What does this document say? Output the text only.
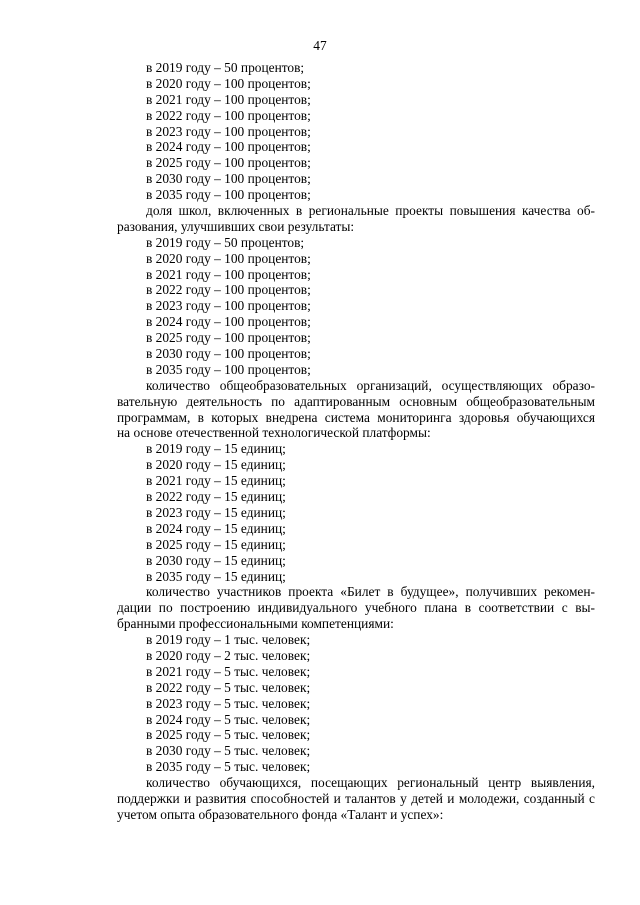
47
в 2019 году – 50 процентов;
в 2020 году – 100 процентов;
в 2021 году – 100 процентов;
в 2022 году – 100 процентов;
в 2023 году – 100 процентов;
в 2024 году – 100 процентов;
в 2025 году – 100 процентов;
в 2030 году – 100 процентов;
в 2035 году – 100 процентов;
доля школ, включенных в региональные проекты повышения качества об-
разования, улучшивших свои результаты:
в 2019 году – 50 процентов;
в 2020 году – 100 процентов;
в 2021 году – 100 процентов;
в 2022 году – 100 процентов;
в 2023 году – 100 процентов;
в 2024 году – 100 процентов;
в 2025 году – 100 процентов;
в 2030 году – 100 процентов;
в 2035 году – 100 процентов;
количество общеобразовательных организаций, осуществляющих образо-
вательную деятельность по адаптированным основным общеобразовательным
программам, в которых внедрена система мониторинга здоровья обучающихся
на основе отечественной технологической платформы:
в 2019 году – 15 единиц;
в 2020 году – 15 единиц;
в 2021 году – 15 единиц;
в 2022 году – 15 единиц;
в 2023 году – 15 единиц;
в 2024 году – 15 единиц;
в 2025 году – 15 единиц;
в 2030 году – 15 единиц;
в 2035 году – 15 единиц;
количество участников проекта «Билет в будущее», получивших рекомен-
дации по построению индивидуального учебного плана в соответствии с вы-
бранными профессиональными компетенциями:
в 2019 году – 1 тыс. человек;
в 2020 году – 2 тыс. человек;
в 2021 году – 5 тыс. человек;
в 2022 году – 5 тыс. человек;
в 2023 году – 5 тыс. человек;
в 2024 году – 5 тыс. человек;
в 2025 году – 5 тыс. человек;
в 2030 году – 5 тыс. человек;
в 2035 году – 5 тыс. человек;
количество обучающихся, посещающих региональный центр выявления,
поддержки и развития способностей и талантов у детей и молодежи, созданный с
учетом опыта образовательного фонда «Талант и успех»:
